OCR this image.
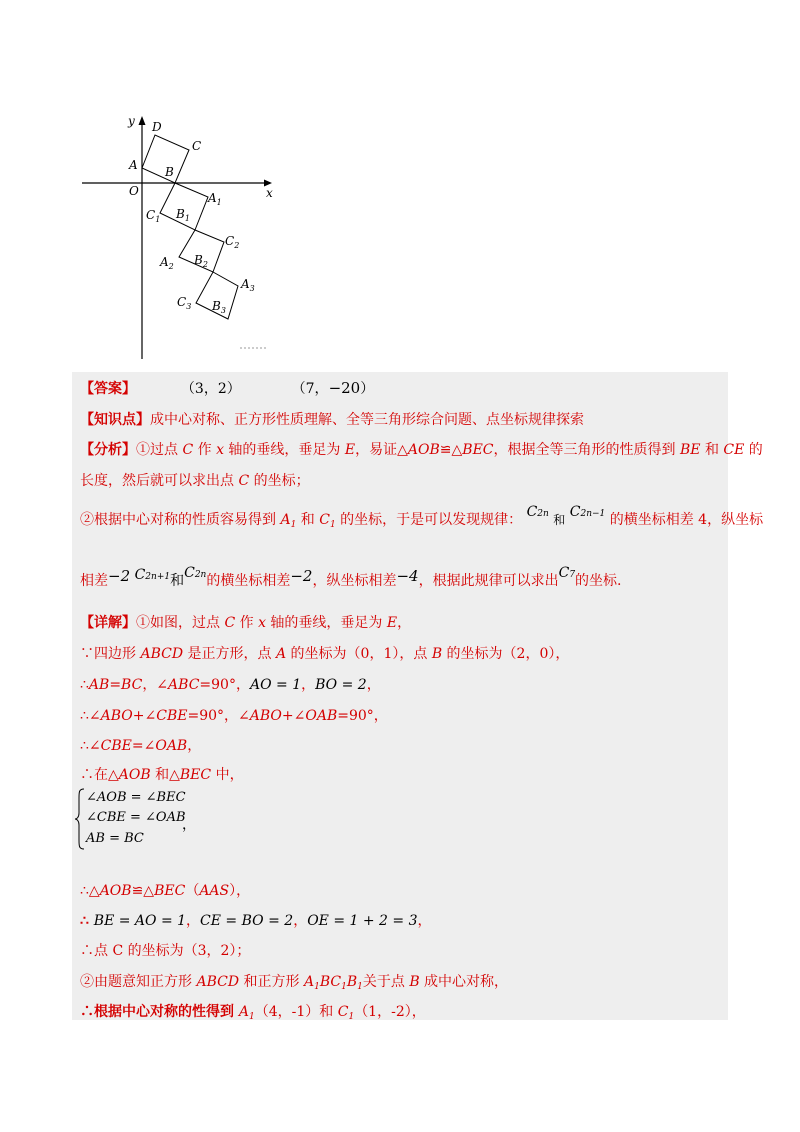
y
x
D
C
A B
O	$A_1$
$C_1$ $B_1$
$C_2$
$A_2$ $B_2$
$A_3$
$C_3$ $B_3$
【答案】	（3，2）	（7，−20）
【知识点】成中心对称、正方形性质理解、全等三角形综合问题、点坐标规律探索
【分析】①过点 C 作 x 轴的垂线，垂足为 E，易证△AOB≌△BEC，根据全等三角形的性质得到 BE 和 CE 的
长度，然后就可以求出点 C 的坐标；
②根据中心对称的性质容易得到 $A_1$ 和 $C_1$ 的坐标，于是可以发现规律： C2n 和 C2n−1 的横坐标相差 4，纵坐标
相差−2 C2n+1和C2n的横坐标相差−2，纵坐标相差−4，根据此规律可以求出C7的坐标.
【详解】①如图，过点 C 作 x 轴的垂线，垂足为 E，
∵四边形 ABCD 是正方形，点 A 的坐标为（0，1），点 B 的坐标为（2，0），
∴AB=BC，∠ABC=90°，AO = 1，BO = 2，
∴∠ABO+∠CBE=90°，∠ABO+∠OAB=90°，
∴∠CBE=∠OAB，
∴在△AOB 和△BEC 中，
∠AOB = ∠BEC
∠CBE = ∠OAB
AB = BC
，
∴△AOB≌△BEC（AAS），
∴ BE = AO = 1，CE = BO = 2，OE = 1 + 2 = 3，
∴点 C 的坐标为（3，2）；
②由题意知正方形 ABCD 和正方形 $A_1BC_1B_1$关于点 B 成中心对称，
∴根据中心对称的性得到 $A_1(4$，-1）和 $C_1(1$，-2），
